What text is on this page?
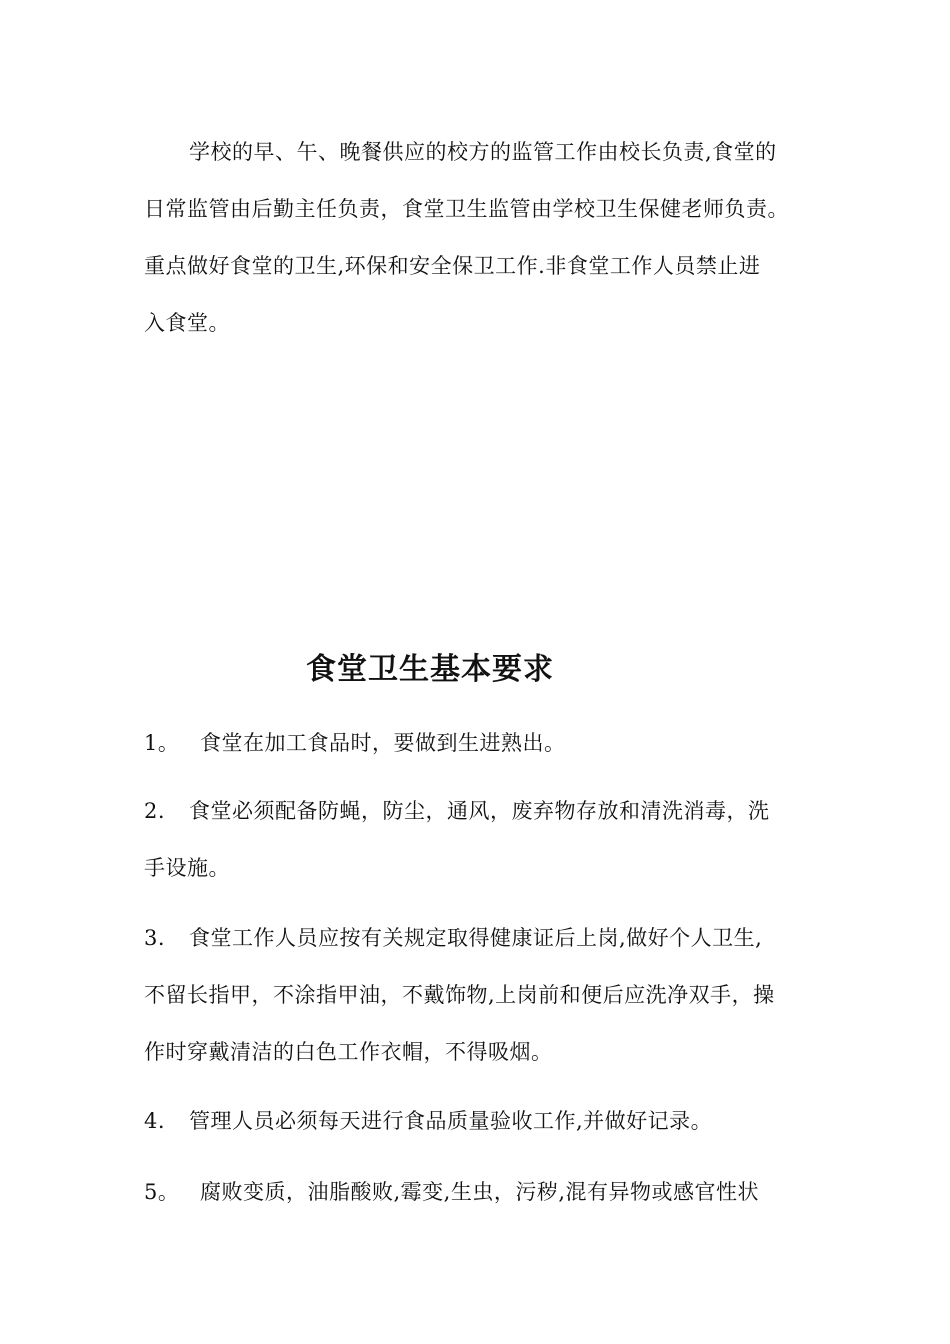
学校的早、午、晚餐供应的校方的监管工作由校长负责,食堂的
日常监管由后勤主任负责，食堂卫生监管由学校卫生保健老师负责。
重点做好食堂的卫生,环保和安全保卫工作.非食堂工作人员禁止进
入食堂。
食堂卫生基本要求
1。 食堂在加工食品时，要做到生进熟出。
2. 食堂必须配备防蝇，防尘，通风，废弃物存放和清洗消毒，洗
手设施。
3. 食堂工作人员应按有关规定取得健康证后上岗,做好个人卫生,
不留长指甲，不涂指甲油，不戴饰物,上岗前和便后应洗净双手，操
作时穿戴清洁的白色工作衣帽，不得吸烟。
4. 管理人员必须每天进行食品质量验收工作,并做好记录。
5。 腐败变质，油脂酸败,霉变,生虫，污秽,混有异物或感官性状
